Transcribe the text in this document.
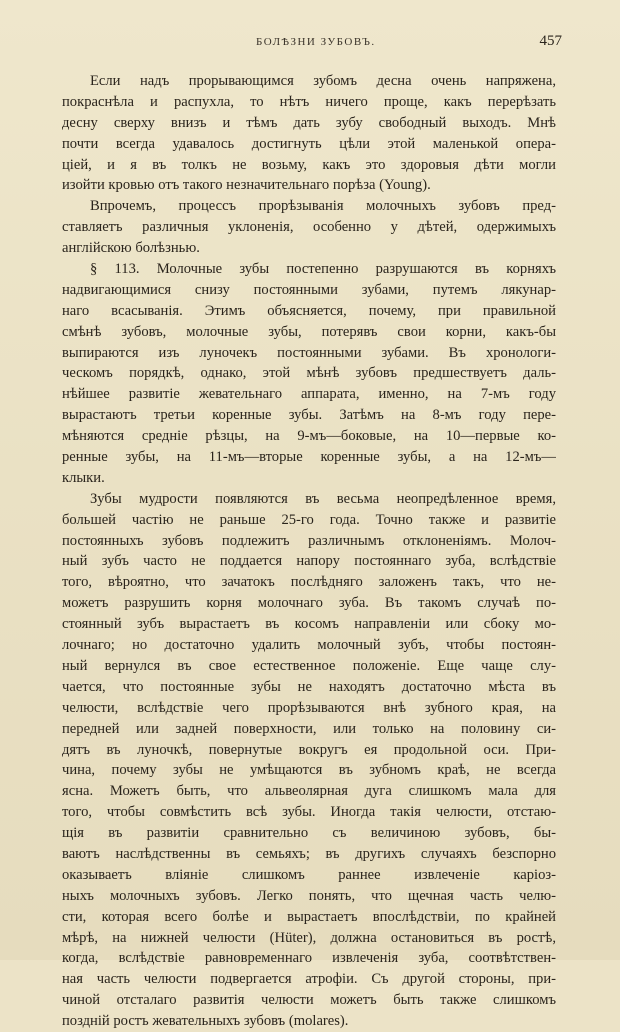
БОЛѢЗНИ ЗУБОВЪ.	457
Если надъ прорывающимся зубомъ десна очень напряжена,
покраснѣла и распухла, то нѣтъ ничего проще, какъ перерѣзать
десну сверху внизъ и тѣмъ дать зубу свободный выходъ. Мнѣ
почти всегда удавалось достигнуть цѣли этой маленькой опера-
ціей, и я въ толкъ не возьму, какъ это здоровыя дѣти могли
изойти кровью отъ такого незначительнаго порѣза (Young).
Впрочемъ, процессъ прорѣзыванія молочныхъ зубовъ пред-
ставляетъ различныя уклоненія, особенно у дѣтей, одержимыхъ
англійскою болѣзнью.
§ 113. Молочные зубы постепенно разрушаются въ корняхъ
надвигающимися снизу постоянными зубами, путемъ лякунар-
наго всасыванія. Этимъ объясняется, почему, при правильной
смѣнѣ зубовъ, молочные зубы, потерявъ свои корни, какъ-бы
выпираются изъ луночекъ постоянными зубами. Въ хронологи-
ческомъ порядкѣ, однако, этой мѣнѣ зубовъ предшествуетъ даль-
нѣйшее развитіе жевательнаго аппарата, именно, на 7-мъ году
вырастаютъ третьи коренные зубы. Затѣмъ на 8-мъ году пере-
мѣняются средніе рѣзцы, на 9-мъ—боковые, на 10—первые ко-
ренные зубы, на 11-мъ—вторые коренные зубы, а на 12-мъ—
клыки.
Зубы мудрости появляются въ весьма неопредѣленное время,
большей частію не раньше 25-го года. Точно также и развитіе
постоянныхъ зубовъ подлежитъ различнымъ отклоненіямъ. Молоч-
ный зубъ часто не поддается напору постояннаго зуба, вслѣдствіе
того, вѣроятно, что зачатокъ послѣдняго заложенъ такъ, что не-
можетъ разрушить корня молочнаго зуба. Въ такомъ случаѣ по-
стоянный зубъ вырастаетъ въ косомъ направленіи или сбоку мо-
лочнаго; но достаточно удалить молочный зубъ, чтобы постоян-
ный вернулся въ свое естественное положеніе. Еще чаще слу-
чается, что постоянные зубы не находятъ достаточно мѣста въ
челюсти, вслѣдствіе чего прорѣзываются внѣ зубного края, на
передней или задней поверхности, или только на половину си-
дятъ въ луночкѣ, повернутые вокругъ ея продольной оси. При-
чина, почему зубы не умѣщаются въ зубномъ краѣ, не всегда
ясна. Можетъ быть, что альвеолярная дуга слишкомъ мала для
того, чтобы совмѣстить всѣ зубы. Иногда такія челюсти, отстаю-
щія въ развитіи сравнительно съ величиною зубовъ, бы-
ваютъ наслѣдственны въ семьяхъ; въ другихъ случаяхъ безспорно
оказываетъ вліяніе слишкомъ раннее извлеченіе каріоз-
ныхъ молочныхъ зубовъ. Легко понять, что щечная часть челю-
сти, которая всего болѣе и вырастаетъ впослѣдствіи, по крайней
мѣрѣ, на нижней челюсти (Hüter), должна остановиться въ ростѣ,
когда, вслѣдствіе равновременнаго извлеченія зуба, соотвѣтствен-
ная часть челюсти подвергается атрофіи. Съ другой стороны, при-
чиной отсталаго развитія челюсти можетъ быть также слишкомъ
поздній ростъ жевательныхъ зубовъ (molares).
